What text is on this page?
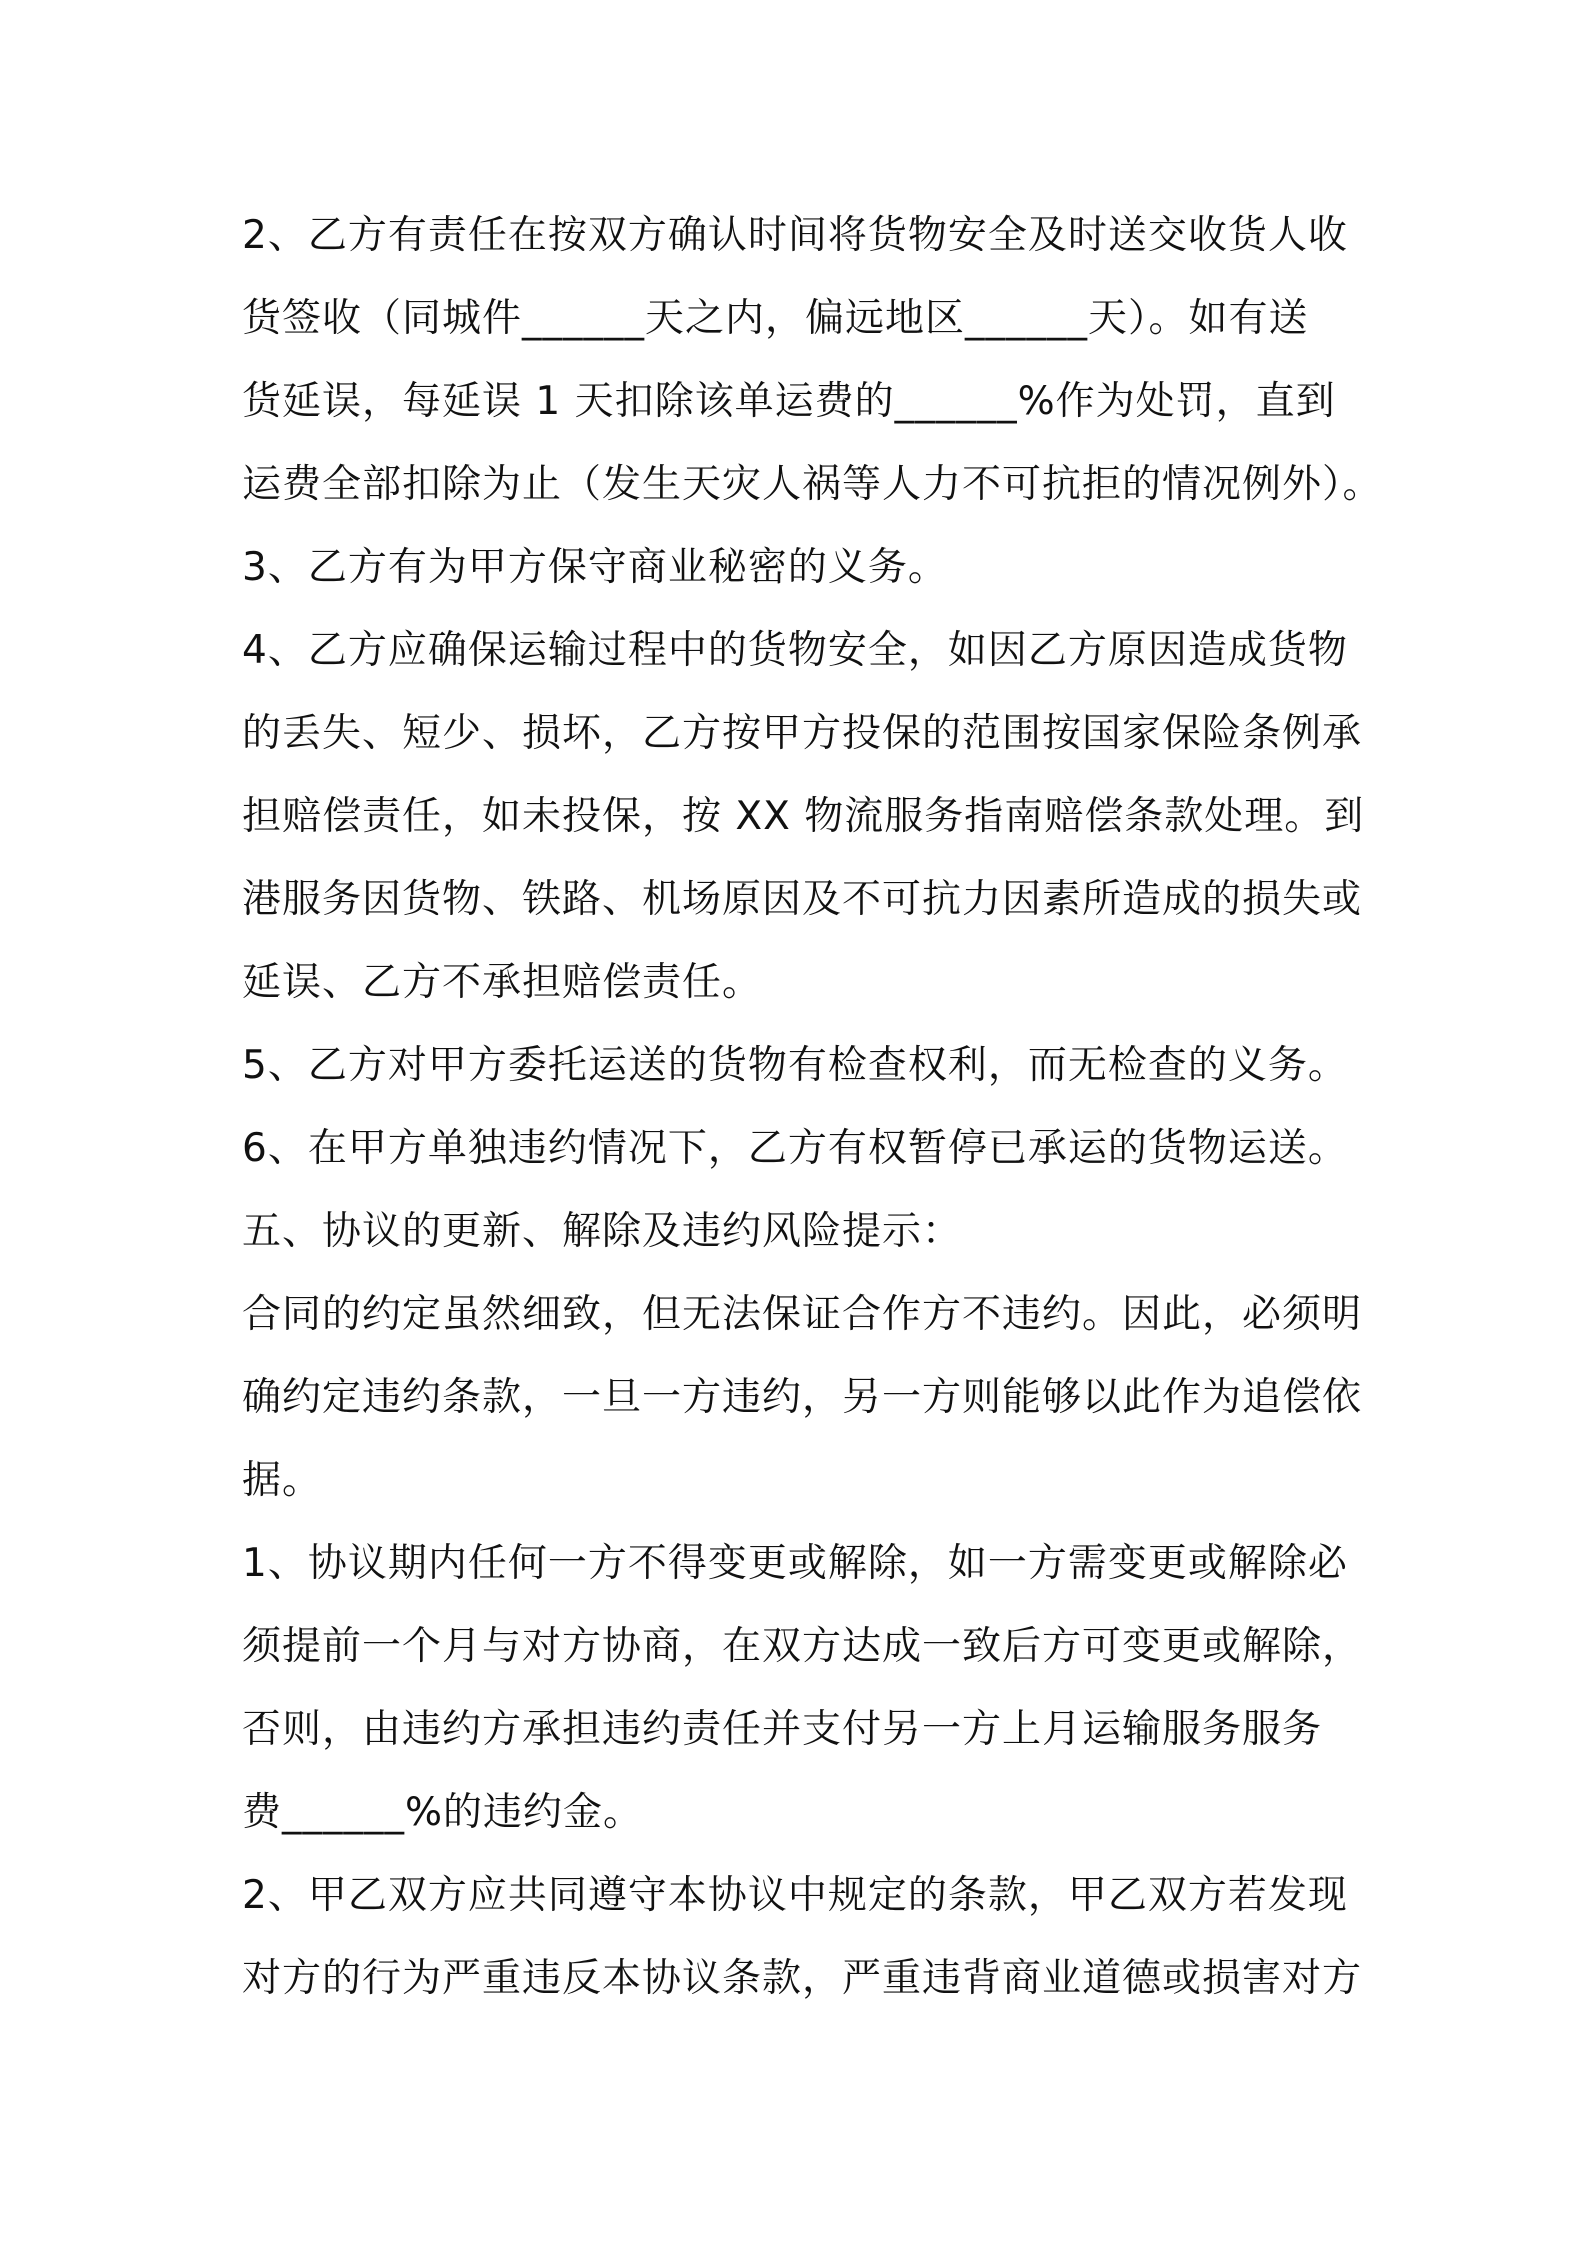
2、乙方有责任在按双方确认时间将货物安全及时送交收货人收
货签收（同城件______天之内，偏远地区______天）。如有送
货延误，每延误 1 天扣除该单运费的______%作为处罚，直到
运费全部扣除为止（发生天灾人祸等人力不可抗拒的情况例外）。
3、乙方有为甲方保守商业秘密的义务。
4、乙方应确保运输过程中的货物安全，如因乙方原因造成货物
的丢失、短少、损坏，乙方按甲方投保的范围按国家保险条例承
担赔偿责任，如未投保，按 XX 物流服务指南赔偿条款处理。到
港服务因货物、铁路、机场原因及不可抗力因素所造成的损失或
延误、乙方不承担赔偿责任。
5、乙方对甲方委托运送的货物有检查权利，而无检查的义务。
6、在甲方单独违约情况下，乙方有权暂停已承运的货物运送。
五、协议的更新、解除及违约风险提示：
合同的约定虽然细致，但无法保证合作方不违约。因此，必须明
确约定违约条款，一旦一方违约，另一方则能够以此作为追偿依
据。
1、协议期内任何一方不得变更或解除，如一方需变更或解除必
须提前一个月与对方协商，在双方达成一致后方可变更或解除，
否则，由违约方承担违约责任并支付另一方上月运输服务服务
费______%的违约金。
2、甲乙双方应共同遵守本协议中规定的条款，甲乙双方若发现
对方的行为严重违反本协议条款，严重违背商业道德或损害对方
